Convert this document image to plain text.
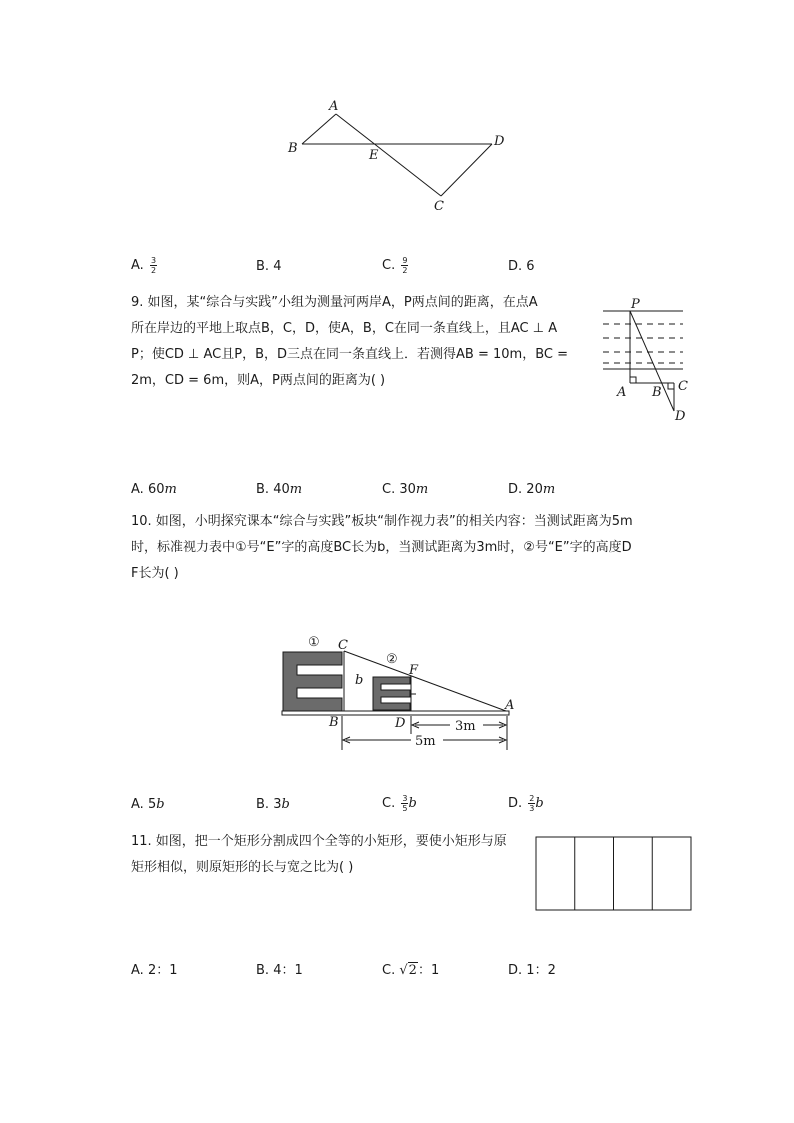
A
B	E
D
C
A. $\frac{3}{2}$	B. 4	C. $\frac{9}{2}$	D. 6
9. 如图，某“综合与实践”小组为测量河两岸A，P两点间的距离，在点A
所在岸边的平地上取点B，C，D，使A，B，C在同一条直线上，且AC ⊥ A
P；使CD ⊥ AC且P，B，D三点在同一条直线上．若测得AB = 10m，BC =
2m，CD = 6m，则A，P两点间的距离为( )
P
A B C
D
A. 60m	B. 40m	C. 30m	D. 20m
10. 如图，小明探究课本“综合与实践”板块“制作视力表”的相关内容：当测试距离为5m
时，标准视力表中①号“E”字的高度BC长为b，当测试距离为3m时，②号“E”字的高度D
F长为( )
① C
②
F
b
A
B	D	3m
5m
A. 5b	B. 3b	C. $\frac{3}{5}$ b	D. $\frac{2}{3}$ b
11. 如图，把一个矩形分割成四个全等的小矩形，要使小矩形与原
矩形相似，则原矩形的长与宽之比为( )
A. 2：1	B. 4：1	C. √2：1	D. 1：2
